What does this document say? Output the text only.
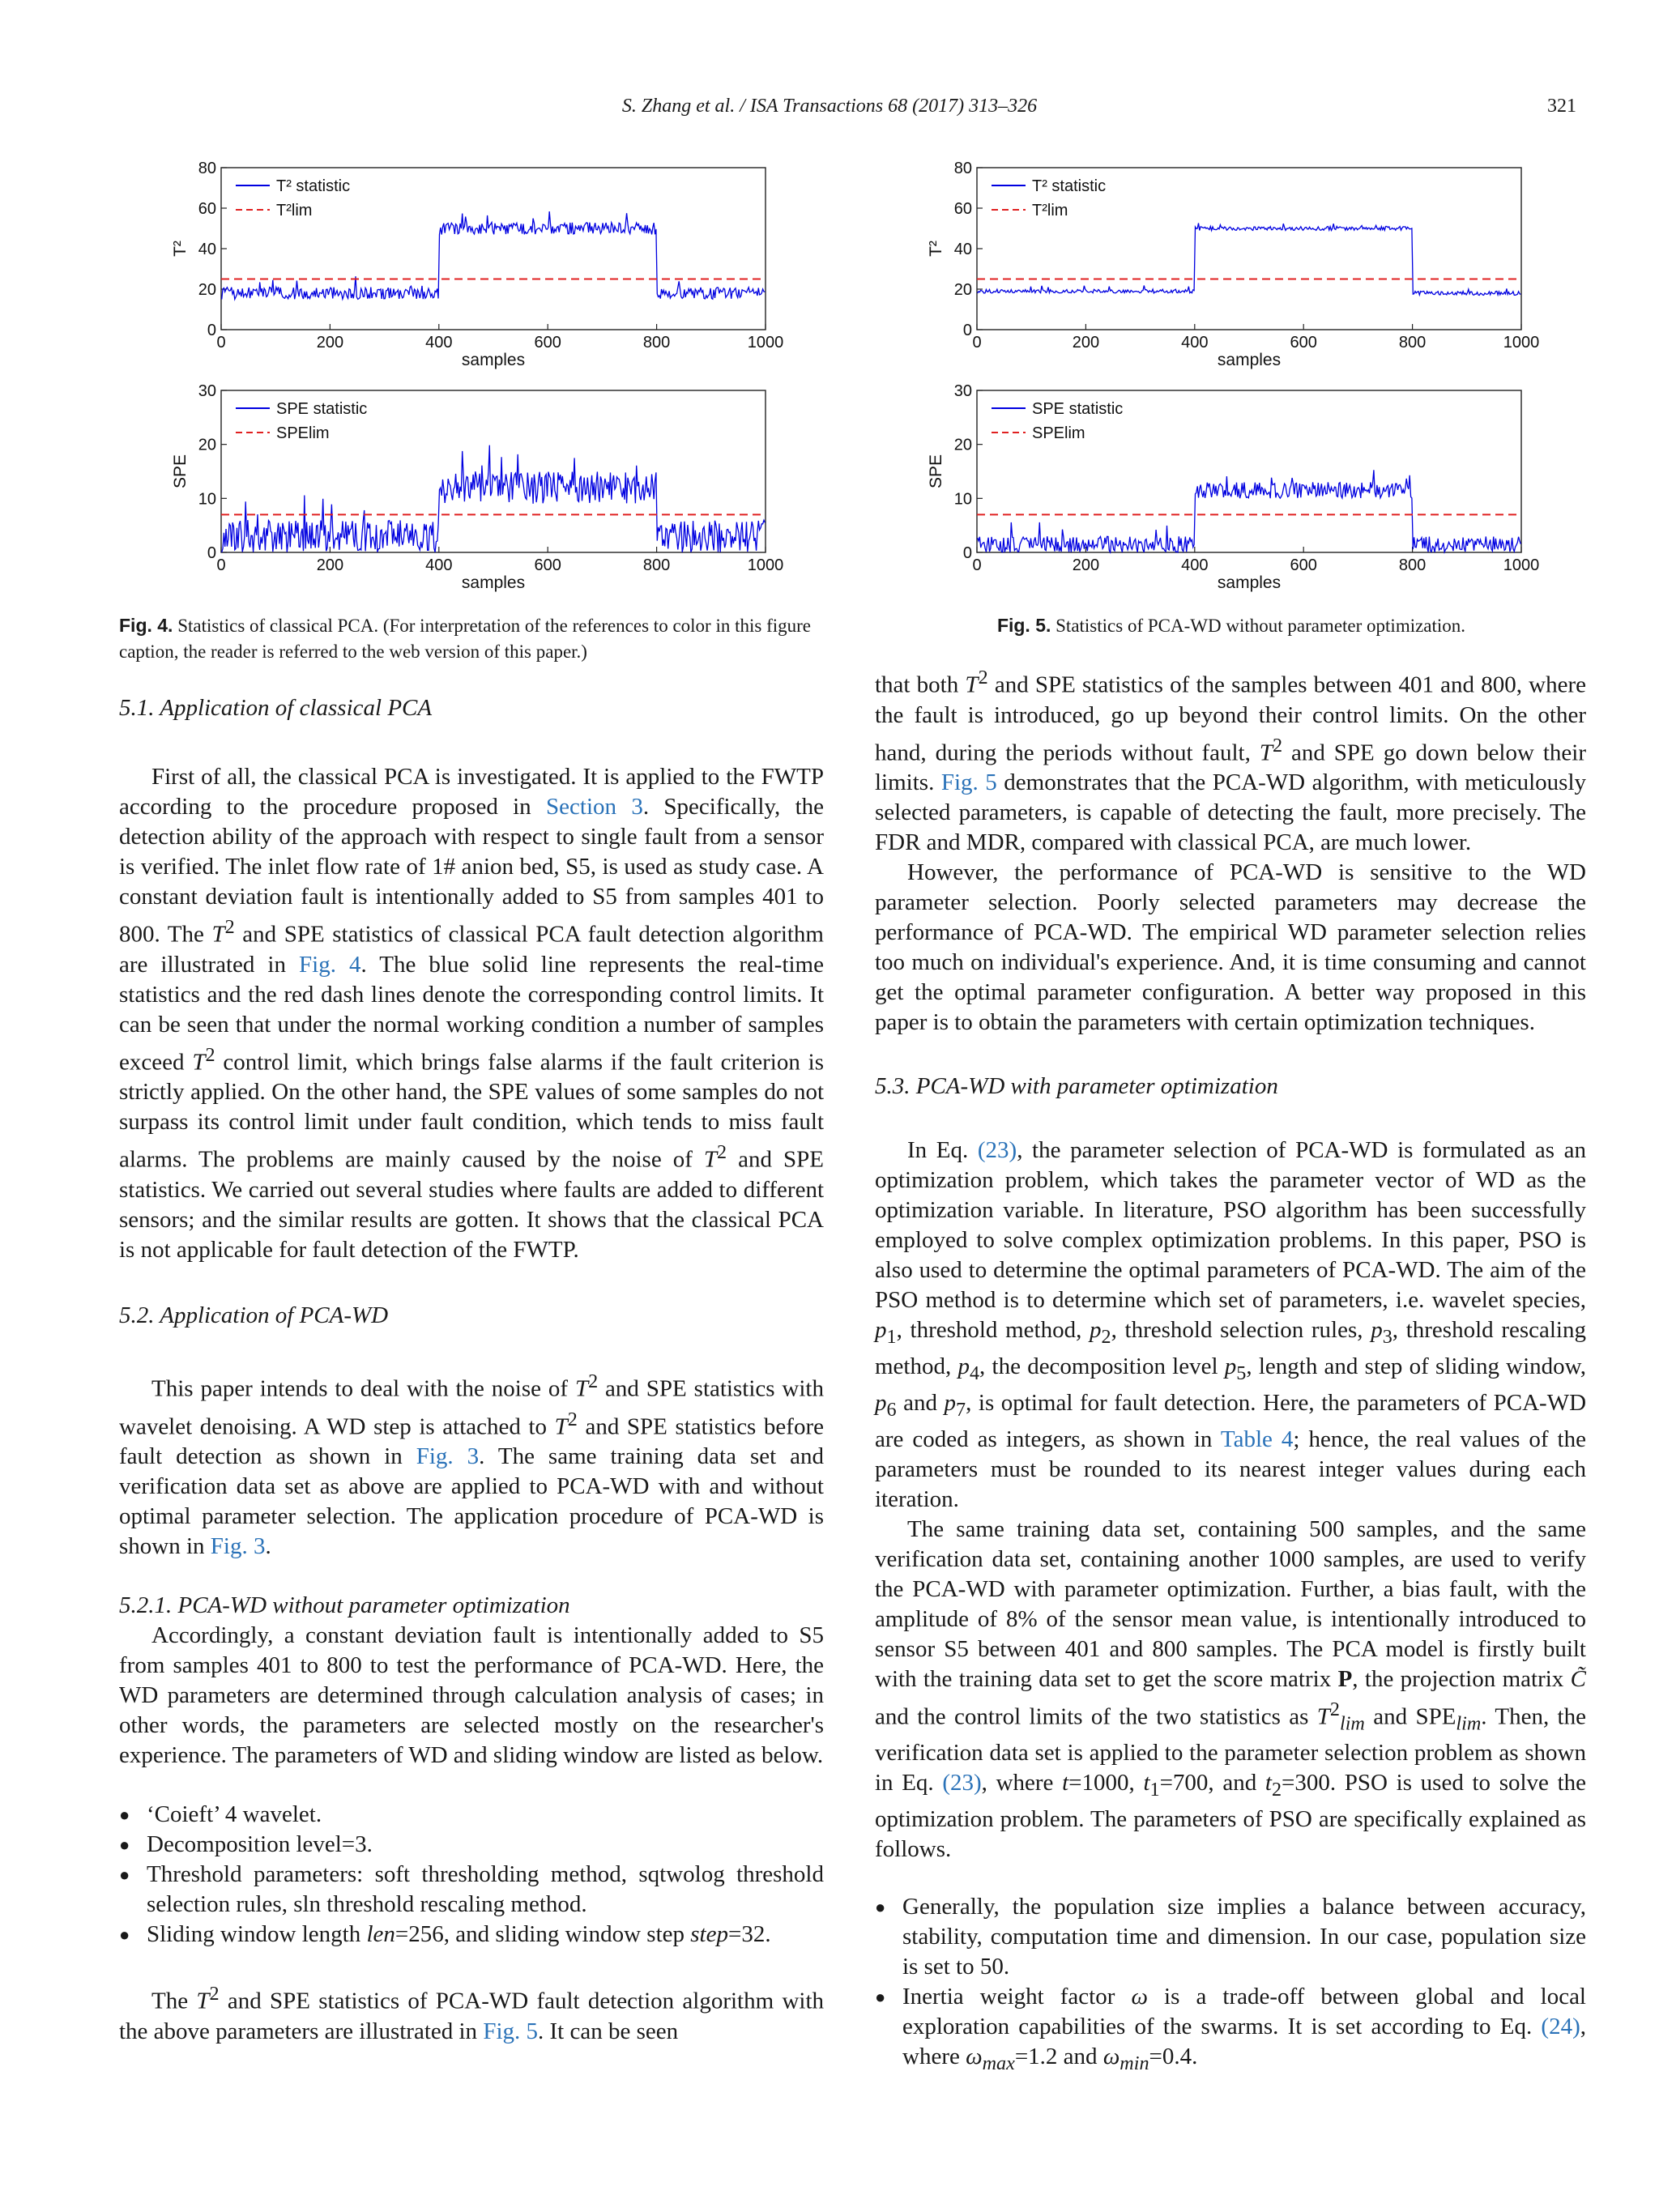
S. Zhang et al. / ISA Transactions 68 (2017) 313–326	321
0	200	400	600	800	1000
0
20
40
60
80
samples
T²
T² statistic
T²lim
0	200	400	600	800	1000
0
10
20
30
samples
SPE
SPE statistic
SPElim
0	200	400	600	800	1000
0
20
40
60
80
samples
T²
T² statistic
T²lim
0	200	400	600	800	1000
0
10
20
30
samples
SPE
SPE statistic
SPElim
Fig. 4. Statistics of classical PCA. (For interpretation of the references to color in this figure caption, the reader is referred to the web version of this paper.)
Fig. 5. Statistics of PCA-WD without parameter optimization.

5.1. Application of classical PCA

First of all, the classical PCA is investigated. It is applied to the FWTP according to the procedure proposed in Section 3. Specifically, the detection ability of the approach with respect to single fault from a sensor is verified. The inlet flow rate of 1# anion bed, S5, is used as study case. A constant deviation fault is intentionally added to S5 from samples 401 to 800. The $T^2$ and SPE statistics of classical PCA fault detection algorithm are illustrated in Fig. 4. The blue solid line represents the real-time statistics and the red dash lines denote the corresponding control limits. It can be seen that under the normal working condition a number of samples exceed $T^2$ control limit, which brings false alarms if the fault criterion is strictly applied. On the other hand, the SPE values of some samples do not surpass its control limit under fault condition, which tends to miss fault alarms. The problems are mainly caused by the noise of $T^2$ and SPE statistics. We carried out several studies where faults are added to different sensors; and the similar results are gotten. It shows that the classical PCA is not applicable for fault detection of the FWTP.

5.2. Application of PCA-WD

This paper intends to deal with the noise of $T^2$ and SPE statistics with wavelet denoising. A WD step is attached to $T^2$ and SPE statistics before fault detection as shown in Fig. 3. The same training data set and verification data set as above are applied to PCA-WD with and without optimal parameter selection. The application procedure of PCA-WD is shown in Fig. 3.

5.2.1. PCA-WD without parameter optimization

Accordingly, a constant deviation fault is intentionally added to S5 from samples 401 to 800 to test the performance of PCA-WD. Here, the WD parameters are determined through calculation analysis of cases; in other words, the parameters are selected mostly on the researcher's experience. The parameters of WD and sliding window are listed as below.

● ‘Coieft’ 4 wavelet.
● Decomposition level=3.
● Threshold parameters: soft thresholding method, sqtwolog threshold selection rules, sln threshold rescaling method.
● Sliding window length len=256, and sliding window step step=32.

The $T^2$ and SPE statistics of PCA-WD fault detection algorithm with the above parameters are illustrated in Fig. 5. It can be seen

that both $T^2$ and SPE statistics of the samples between 401 and 800, where the fault is introduced, go up beyond their control limits. On the other hand, during the periods without fault, $T^2$ and SPE go down below their limits. Fig. 5 demonstrates that the PCA-WD algorithm, with meticulously selected parameters, is capable of detecting the fault, more precisely. The FDR and MDR, compared with classical PCA, are much lower.

However, the performance of PCA-WD is sensitive to the WD parameter selection. Poorly selected parameters may decrease the performance of PCA-WD. The empirical WD parameter selection relies too much on individual's experience. And, it is time consuming and cannot get the optimal parameter configuration. A better way proposed in this paper is to obtain the parameters with certain optimization techniques.

5.3. PCA-WD with parameter optimization

In Eq. (23), the parameter selection of PCA-WD is formulated as an optimization problem, which takes the parameter vector of WD as the optimization variable. In literature, PSO algorithm has been successfully employed to solve complex optimization problems. In this paper, PSO is also used to determine the optimal parameters of PCA-WD. The aim of the PSO method is to determine which set of parameters, i.e. wavelet species, $p_1$, threshold method, $p_2$, threshold selection rules, $p_3$, threshold rescaling method, $p_4$, the decomposition level $p_5$, length and step of sliding window, $p_6$ and $p_7$, is optimal for fault detection. Here, the parameters of PCA-WD are coded as integers, as shown in Table 4; hence, the real values of the parameters must be rounded to its nearest integer values during each iteration.

The same training data set, containing 500 samples, and the same verification data set, containing another 1000 samples, are used to verify the PCA-WD with parameter optimization. Further, a bias fault, with the amplitude of 8% of the sensor mean value, is intentionally introduced to sensor S5 between 401 and 800 samples. The PCA model is firstly built with the training data set to get the score matrix P, the projection matrix C̃ and the control limits of the two statistics as $T^2_{lim}$ and $SPE_{lim}$. Then, the verification data set is applied to the parameter selection problem as shown in Eq. (23), where t=1000, $t_1=700$, and $t_2=300$. PSO is used to solve the optimization problem. The parameters of PSO are specifically explained as follows.

● Generally, the population size implies a balance between accuracy, stability, computation time and dimension. In our case, population size is set to 50.
● Inertia weight factor ω is a trade-off between global and local exploration capabilities of the swarms. It is set according to Eq. (24), where $\omega_{max}=1.2$ and $\omega_{min}=0.4$.
